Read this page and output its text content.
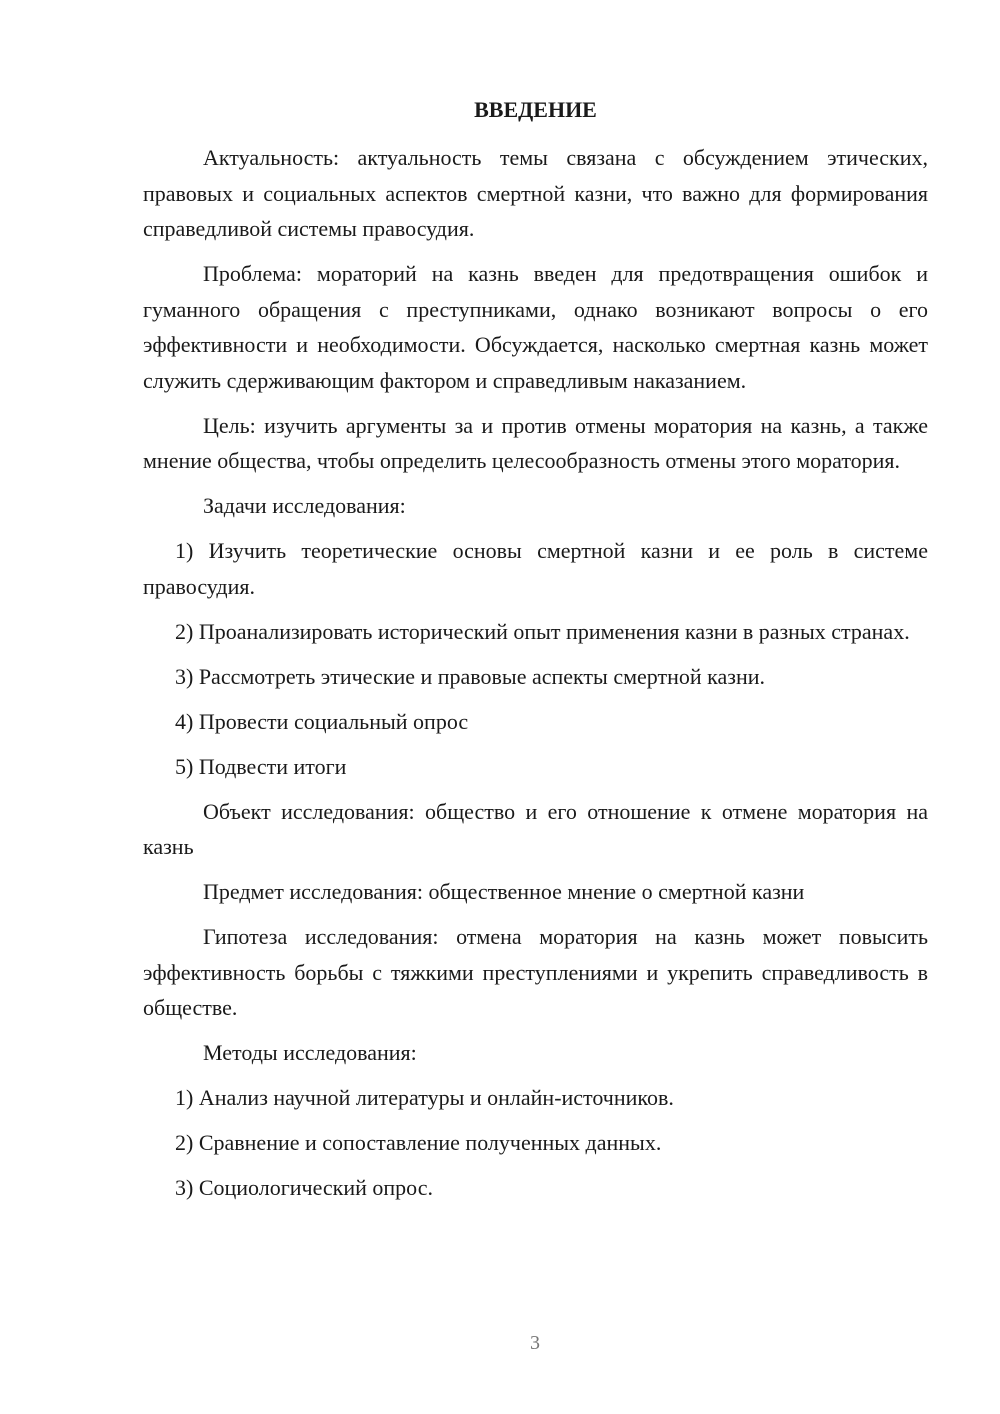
ВВЕДЕНИЕ

Актуальность: актуальность темы связана с обсуждением этических, правовых и социальных аспектов смертной казни, что важно для формирования справедливой системы правосудия.

Проблема: мораторий на казнь введен для предотвращения ошибок и гуманного обращения с преступниками, однако возникают вопросы о его эффективности и необходимости. Обсуждается, насколько смертная казнь может служить сдерживающим фактором и справедливым наказанием.

Цель: изучить аргументы за и против отмены моратория на казнь, а также мнение общества, чтобы определить целесообразность отмены этого моратория.

Задачи исследования:

1) Изучить теоретические основы смертной казни и ее роль в системе правосудия.

2) Проанализировать исторический опыт применения казни в разных странах.

3) Рассмотреть этические и правовые аспекты смертной казни.

4) Провести социальный опрос

5) Подвести итоги

Объект исследования: общество и его отношение к отмене моратория на казнь

Предмет исследования: общественное мнение о смертной казни

Гипотеза исследования: отмена моратория на казнь может повысить эффективность борьбы с тяжкими преступлениями и укрепить справедливость в обществе.

Методы исследования:

1) Анализ научной литературы и онлайн-источников.

2) Сравнение и сопоставление полученных данных.

3) Социологический опрос.

3
